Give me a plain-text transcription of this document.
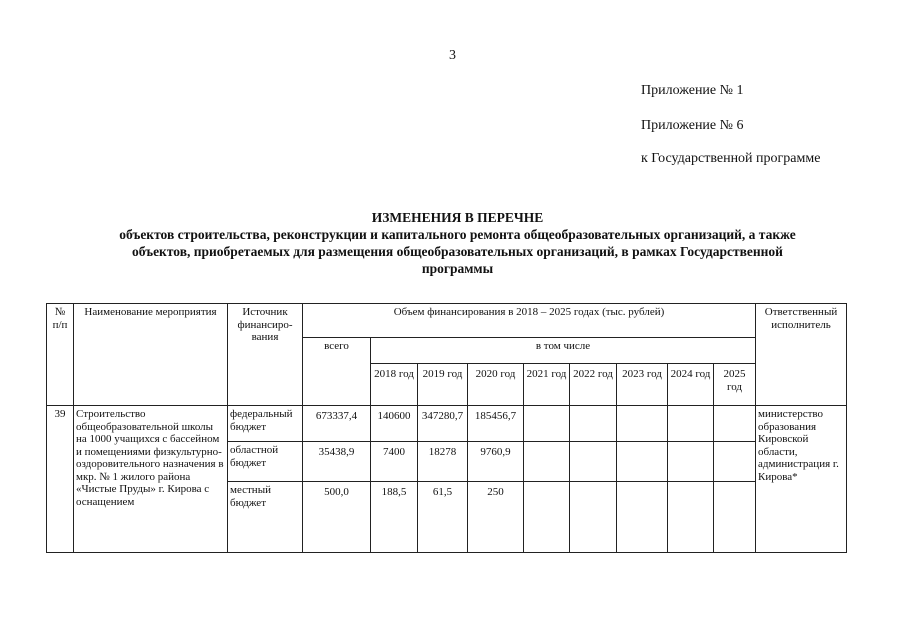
3
Приложение № 1
Приложение № 6
к Государственной программе
ИЗМЕНЕНИЯ В ПЕРЕЧНЕ
объектов строительства, реконструкции и капитального ремонта общеобразовательных организаций, а также
объектов, приобретаемых для размещения общеобразовательных организаций, в рамках Государственной
программы
№ п/п	Наименование мероприятия	Источник финансиро-вания	Объем финансирования в 2018 – 2025 годах (тыс. рублей)									Ответственный исполнитель
			всего	в том числе								
				2018 год	2019 год	2020 год	2021 год	2022 год	2023 год	2024 год	2025 год	
39	Строительство общеобразовательной школы на 1000 учащихся с бассейном и помещениями физкультурно-оздоровительного назначения в мкр. № 1 жилого района «Чистые Пруды» г. Кирова с оснащением	федеральный бюджет	673337,4	140600	347280,7	185456,7						министерство образования Кировской области, администрация г. Кирова*
		областной бюджет	35438,9	7400	18278	9760,9						
		местный бюджет	500,0	188,5	61,5	250						
